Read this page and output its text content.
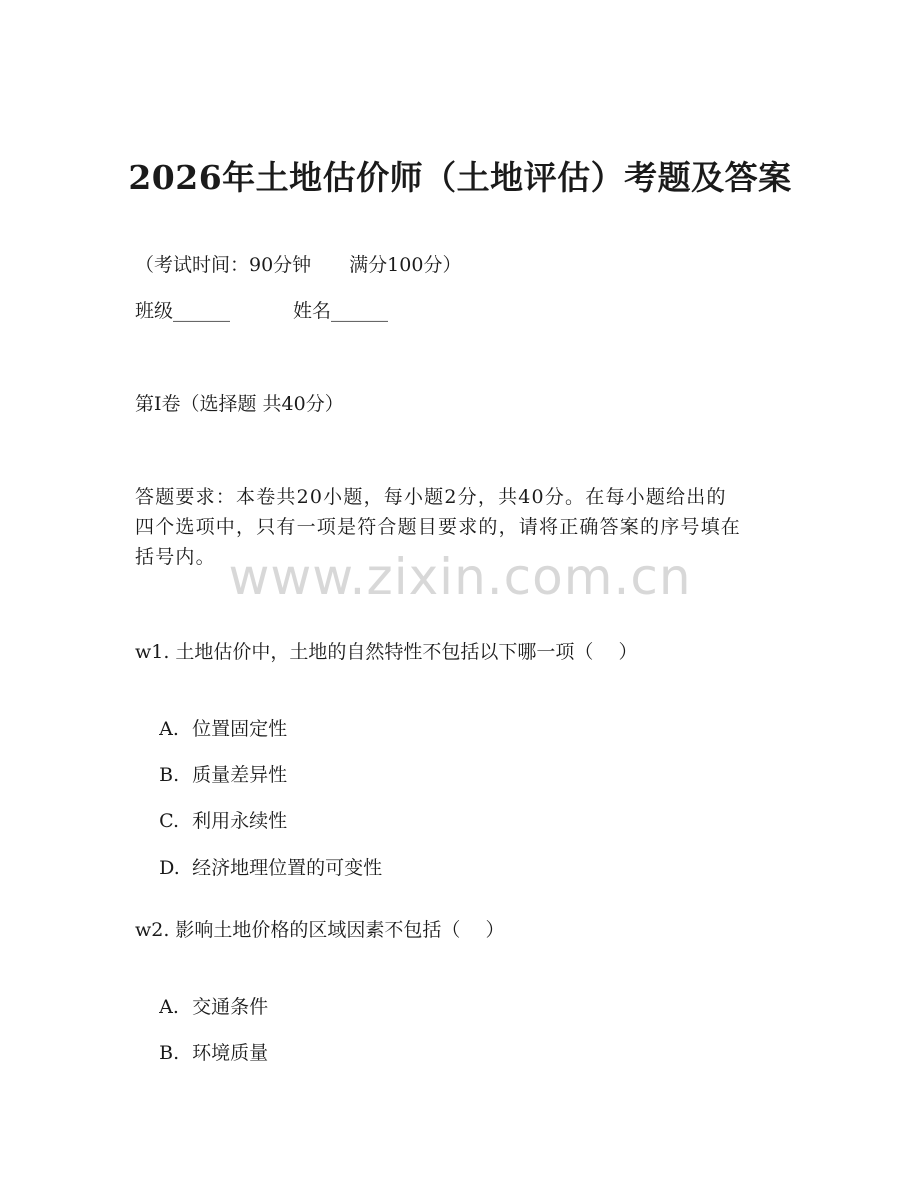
2026年土地估价师（土地评估）考题及答案
（考试时间：90分钟　　满分100分）
班级______	姓名______
第I卷（选择题 共40分）
答题要求：本卷共20小题，每小题2分，共40分。在每小题给出的
四个选项中，只有一项是符合题目要求的，请将正确答案的序号填在
括号内。 www.zixin.com.cn
w1. 土地估价中，土地的自然特性不包括以下哪一项（　 ）

A. 位置固定性

B. 质量差异性

C. 利用永续性

D. 经济地理位置的可变性

w2. 影响土地价格的区域因素不包括（　 ）

A. 交通条件

B. 环境质量
